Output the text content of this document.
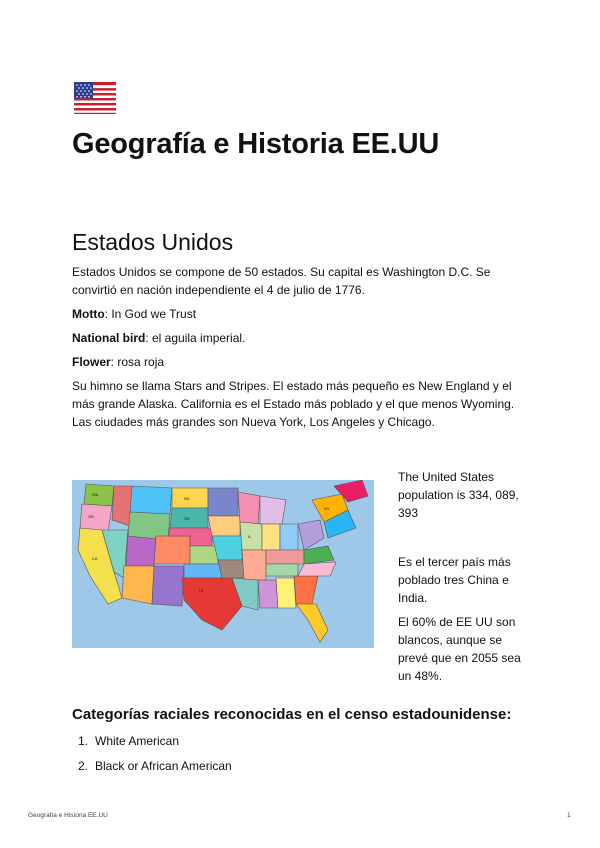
Geografía e Historia EE.UU
Estados Unidos

Estados Unidos se compone de 50 estados. Su capital es Washington D.C. Se convirtió en nación independiente el 4 de julio de 1776.

Motto: In God we Trust

National bird: el aguila imperial.

Flower: rosa roja

Su himno se llama Stars and Stripes. El estado más pequeño es New England y el más grande Alaska. California es el Estado más poblado y el que menos Wyoming. Las ciudades más grandes son Nueva York, Los Angeles y Chicago.

WA
OR
CA
ND
SD
TX
IL
NY

The United States population is 334, 089, 393

Es el tercer país más poblado tres China e India.

El 60% de EE UU son blancos, aunque se prevé que en 2055 sea un 48%.

Categorías raciales reconocidas en el censo estadounidense:
1. White American
2. Black or African American
Geografía e Historia EE.UU	1
